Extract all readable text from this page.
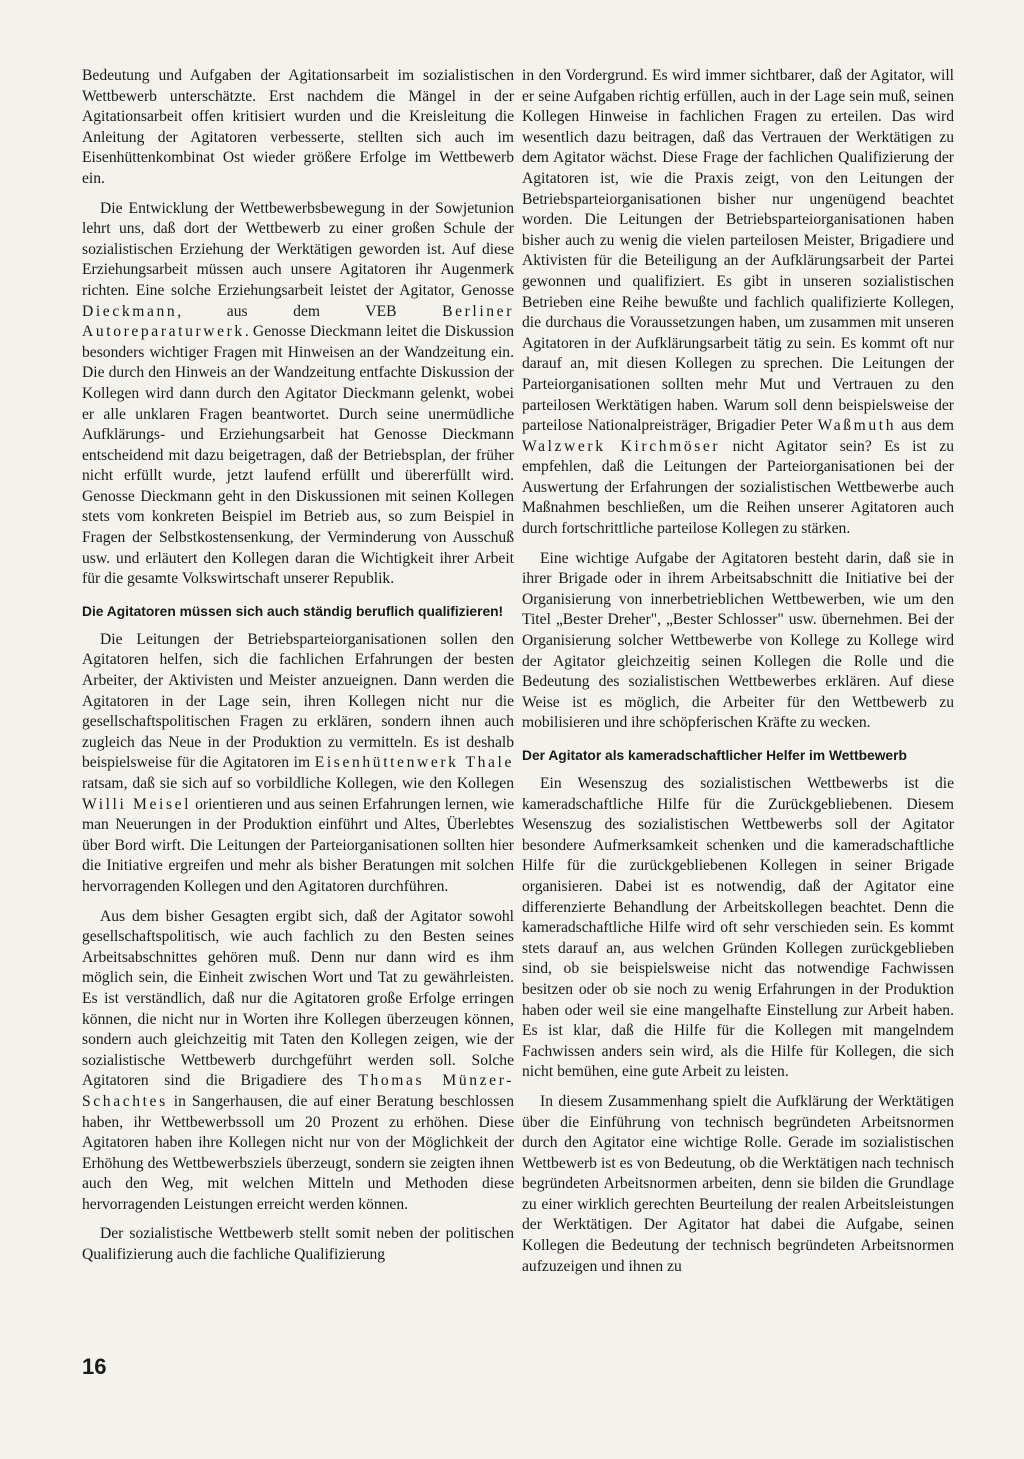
Bedeutung und Aufgaben der Agitationsarbeit im sozialistischen Wettbewerb unterschätzte. Erst nachdem die Mängel in der Agitationsarbeit offen kritisiert wurden und die Kreisleitung die Anleitung der Agitatoren verbesserte, stellten sich auch im Eisenhüttenkombinat Ost wieder größere Erfolge im Wettbewerb ein.

Die Entwicklung der Wettbewerbsbewegung in der Sowjetunion lehrt uns, daß dort der Wettbewerb zu einer großen Schule der sozialistischen Erziehung der Werktätigen geworden ist. Auf diese Erziehungsarbeit müssen auch unsere Agitatoren ihr Augenmerk richten. Eine solche Erziehungsarbeit leistet der Agitator, Genosse Dieckmann, aus dem VEB Berliner Autoreparaturwerk. Genosse Dieckmann leitet die Diskussion besonders wichtiger Fragen mit Hinweisen an der Wandzeitung ein. Die durch den Hinweis an der Wandzeitung entfachte Diskussion der Kollegen wird dann durch den Agitator Dieckmann gelenkt, wobei er alle unklaren Fragen beantwortet. Durch seine unermüdliche Aufklärungs- und Erziehungsarbeit hat Genosse Dieckmann entscheidend mit dazu beigetragen, daß der Betriebsplan, der früher nicht erfüllt wurde, jetzt laufend erfüllt und übererfüllt wird. Genosse Dieckmann geht in den Diskussionen mit seinen Kollegen stets vom konkreten Beispiel im Betrieb aus, so zum Beispiel in Fragen der Selbstkostensenkung, der Verminderung von Ausschuß usw. und erläutert den Kollegen daran die Wichtigkeit ihrer Arbeit für die gesamte Volkswirtschaft unserer Republik.

Die Agitatoren müssen sich auch ständig beruflich qualifizieren!

Die Leitungen der Betriebsparteiorganisationen sollen den Agitatoren helfen, sich die fachlichen Erfahrungen der besten Arbeiter, der Aktivisten und Meister anzueignen. Dann werden die Agitatoren in der Lage sein, ihren Kollegen nicht nur die gesellschaftspolitischen Fragen zu erklären, sondern ihnen auch zugleich das Neue in der Produktion zu vermitteln. Es ist deshalb beispielsweise für die Agitatoren im Eisenhüttenwerk Thale ratsam, daß sie sich auf so vorbildliche Kollegen, wie den Kollegen Willi Meisel orientieren und aus seinen Erfahrungen lernen, wie man Neuerungen in der Produktion einführt und Altes, Überlebtes über Bord wirft. Die Leitungen der Parteiorganisationen sollten hier die Initiative ergreifen und mehr als bisher Beratungen mit solchen hervorragenden Kollegen und den Agitatoren durchführen.

Aus dem bisher Gesagten ergibt sich, daß der Agitator sowohl gesellschaftspolitisch, wie auch fachlich zu den Besten seines Arbeitsabschnittes gehören muß. Denn nur dann wird es ihm möglich sein, die Einheit zwischen Wort und Tat zu gewährleisten. Es ist verständlich, daß nur die Agitatoren große Erfolge erringen können, die nicht nur in Worten ihre Kollegen überzeugen können, sondern auch gleichzeitig mit Taten den Kollegen zeigen, wie der sozialistische Wettbewerb durchgeführt werden soll. Solche Agitatoren sind die Brigadiere des Thomas Münzer-Schachtes in Sangerhausen, die auf einer Beratung beschlossen haben, ihr Wettbewerbssoll um 20 Prozent zu erhöhen. Diese Agitatoren haben ihre Kollegen nicht nur von der Möglichkeit der Erhöhung des Wettbewerbsziels überzeugt, sondern sie zeigten ihnen auch den Weg, mit welchen Mitteln und Methoden diese hervorragenden Leistungen erreicht werden können.

Der sozialistische Wettbewerb stellt somit neben der politischen Qualifizierung auch die fachliche Qualifizierung

in den Vordergrund. Es wird immer sichtbarer, daß der Agitator, will er seine Aufgaben richtig erfüllen, auch in der Lage sein muß, seinen Kollegen Hinweise in fachlichen Fragen zu erteilen. Das wird wesentlich dazu beitragen, daß das Vertrauen der Werktätigen zu dem Agitator wächst. Diese Frage der fachlichen Qualifizierung der Agitatoren ist, wie die Praxis zeigt, von den Leitungen der Betriebsparteiorganisationen bisher nur ungenügend beachtet worden. Die Leitungen der Betriebsparteiorganisationen haben bisher auch zu wenig die vielen parteilosen Meister, Brigadiere und Aktivisten für die Beteiligung an der Aufklärungsarbeit der Partei gewonnen und qualifiziert. Es gibt in unseren sozialistischen Betrieben eine Reihe bewußte und fachlich qualifizierte Kollegen, die durchaus die Voraussetzungen haben, um zusammen mit unseren Agitatoren in der Aufklärungsarbeit tätig zu sein. Es kommt oft nur darauf an, mit diesen Kollegen zu sprechen. Die Leitungen der Parteiorganisationen sollten mehr Mut und Vertrauen zu den parteilosen Werktätigen haben. Warum soll denn beispielsweise der parteilose Nationalpreisträger, Brigadier Peter Waßmuth aus dem Walzwerk Kirchmöser nicht Agitator sein? Es ist zu empfehlen, daß die Leitungen der Parteiorganisationen bei der Auswertung der Erfahrungen der sozialistischen Wettbewerbe auch Maßnahmen beschließen, um die Reihen unserer Agitatoren auch durch fortschrittliche parteilose Kollegen zu stärken.

Eine wichtige Aufgabe der Agitatoren besteht darin, daß sie in ihrer Brigade oder in ihrem Arbeitsabschnitt die Initiative bei der Organisierung von innerbetrieblichen Wettbewerben, wie um den Titel „Bester Dreher", „Bester Schlosser" usw. übernehmen. Bei der Organisierung solcher Wettbewerbe von Kollege zu Kollege wird der Agitator gleichzeitig seinen Kollegen die Rolle und die Bedeutung des sozialistischen Wettbewerbes erklären. Auf diese Weise ist es möglich, die Arbeiter für den Wettbewerb zu mobilisieren und ihre schöpferischen Kräfte zu wecken.

Der Agitator als kameradschaftlicher Helfer im Wettbewerb

Ein Wesenszug des sozialistischen Wettbewerbs ist die kameradschaftliche Hilfe für die Zurückgebliebenen. Diesem Wesenszug des sozialistischen Wettbewerbs soll der Agitator besondere Aufmerksamkeit schenken und die kameradschaftliche Hilfe für die zurückgebliebenen Kollegen in seiner Brigade organisieren. Dabei ist es notwendig, daß der Agitator eine differenzierte Behandlung der Arbeitskollegen beachtet. Denn die kameradschaftliche Hilfe wird oft sehr verschieden sein. Es kommt stets darauf an, aus welchen Gründen Kollegen zurückgeblieben sind, ob sie beispielsweise nicht das notwendige Fachwissen besitzen oder ob sie noch zu wenig Erfahrungen in der Produktion haben oder weil sie eine mangelhafte Einstellung zur Arbeit haben. Es ist klar, daß die Hilfe für die Kollegen mit mangelndem Fachwissen anders sein wird, als die Hilfe für Kollegen, die sich nicht bemühen, eine gute Arbeit zu leisten.

In diesem Zusammenhang spielt die Aufklärung der Werktätigen über die Einführung von technisch begründeten Arbeitsnormen durch den Agitator eine wichtige Rolle. Gerade im sozialistischen Wettbewerb ist es von Bedeutung, ob die Werktätigen nach technisch begründeten Arbeitsnormen arbeiten, denn sie bilden die Grundlage zu einer wirklich gerechten Beurteilung der realen Arbeitsleistungen der Werktätigen. Der Agitator hat dabei die Aufgabe, seinen Kollegen die Bedeutung der technisch begründeten Arbeitsnormen aufzuzeigen und ihnen zu

16
